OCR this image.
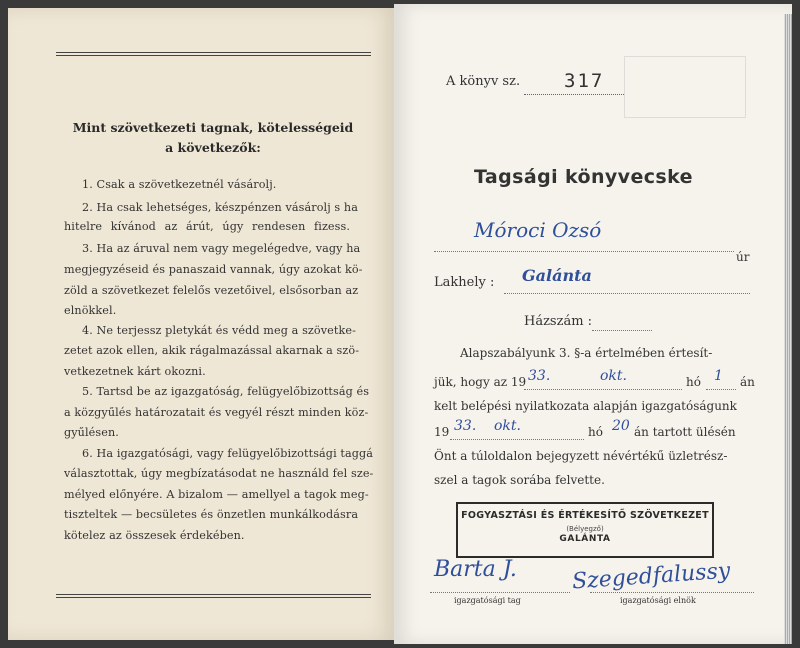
Mint szövetkezeti tagnak, kötelességeid
a következők:
1. Csak a szövetkezetnél vásárolj.
2. Ha csak lehetséges, készpénzen vásárolj s ha
hitelre kívánod az árút, úgy rendesen fizess.
3. Ha az áruval nem vagy megelégedve, vagy ha
megjegyzéseid és panaszaid vannak, úgy azokat kö-
zöld a szövetkezet felelős vezetőivel, elsősorban az
elnökkel.
4. Ne terjessz pletykát és védd meg a szövetke-
zetet azok ellen, akik rágalmazással akarnak a szö-
vetkezetnek kárt okozni.
5. Tartsd be az igazgatóság, felügyelőbizottság és
a közgyűlés határozatait és vegyél részt minden köz-
gyűlésen.
6. Ha igazgatósági, vagy felügyelőbizottsági taggá
választottak, úgy megbízatásodat ne használd fel sze-
mélyed előnyére. A bizalom — amellyel a tagok meg-
tiszteltek — becsületes és önzetlen munkálkodásra
kötelez az összesek érdekében.
A könyv sz. 317
Tagsági könyvecske
Móroci Ozsó
úr
Lakhely : Galánta
Házszám :
Alapszabályunk 3. §-a értelmében értesít-
jük, hogy az 19 33.	okt.	hó 1 án
kelt belépési nyilatkozata alapján igazgatóságunk
19 33. okt.	hó 20 án tartott ülésén
Önt a túloldalon bejegyzett névértékű üzletrész-
szel a tagok sorába felvette.
FOGYASZTÁSI ÉS ÉRTÉKESÍTŐ SZÖVETKEZET
(Bélyegző)
GALÁNTA
Barta J. Szegedfalussy
igazgatósági tag	igazgatósági elnök
